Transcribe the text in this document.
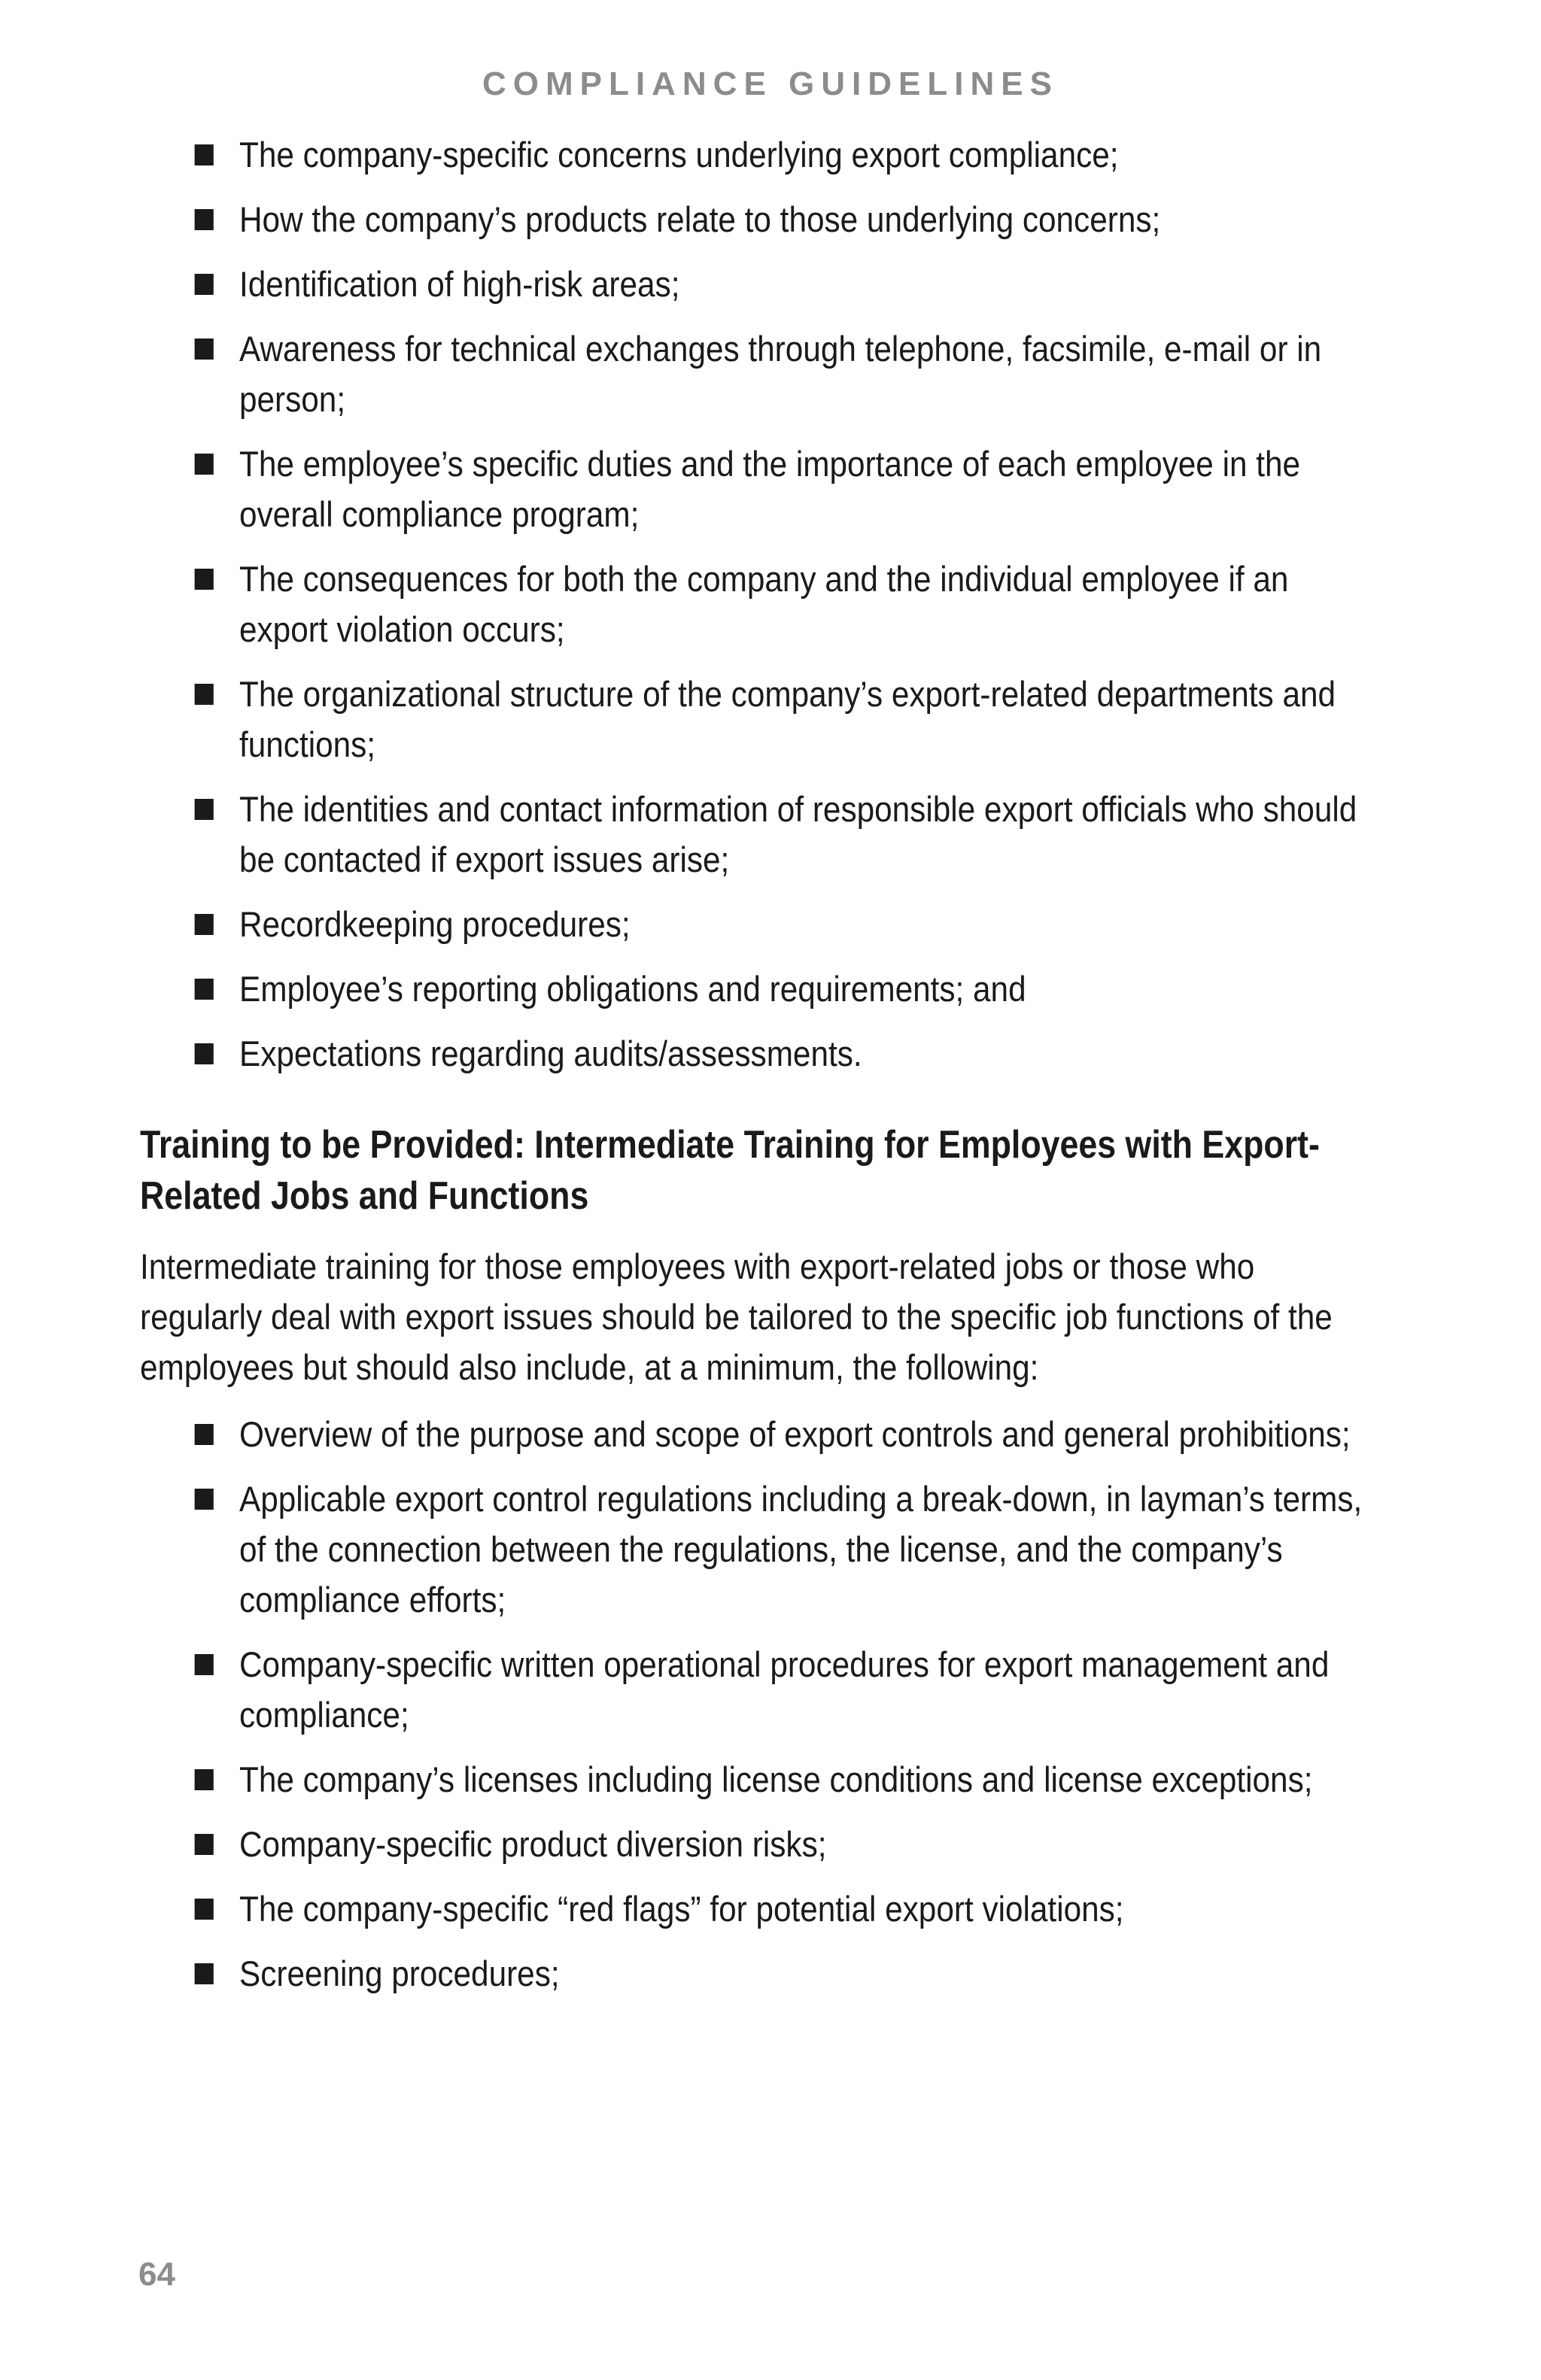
COMPLIANCE GUIDELINES
The company-specific concerns underlying export compliance;
How the company’s products relate to those underlying concerns;
Identification of high-risk areas;
Awareness for technical exchanges through telephone, facsimile, e-mail or in person;
The employee’s specific duties and the importance of each employee in the overall compliance program;
The consequences for both the company and the individual employee if an export violation occurs;
The organizational structure of the company’s export-related departments and functions;
The identities and contact information of responsible export officials who should be contacted if export issues arise;
Recordkeeping procedures;
Employee’s reporting obligations and requirements; and
Expectations regarding audits/assessments.
Training to be Provided: Intermediate Training for Employees with Export-Related Jobs and Functions

Intermediate training for those employees with export-related jobs or those who regularly deal with export issues should be tailored to the specific job functions of the employees but should also include, at a minimum, the following:

Overview of the purpose and scope of export controls and general prohibitions;
Applicable export control regulations including a break-down, in layman’s terms, of the connection between the regulations, the license, and the company’s compliance efforts;
Company-specific written operational procedures for export management and compliance;
The company’s licenses including license conditions and license exceptions;
Company-specific product diversion risks;
The company-specific “red flags” for potential export violations;
Screening procedures;
64
